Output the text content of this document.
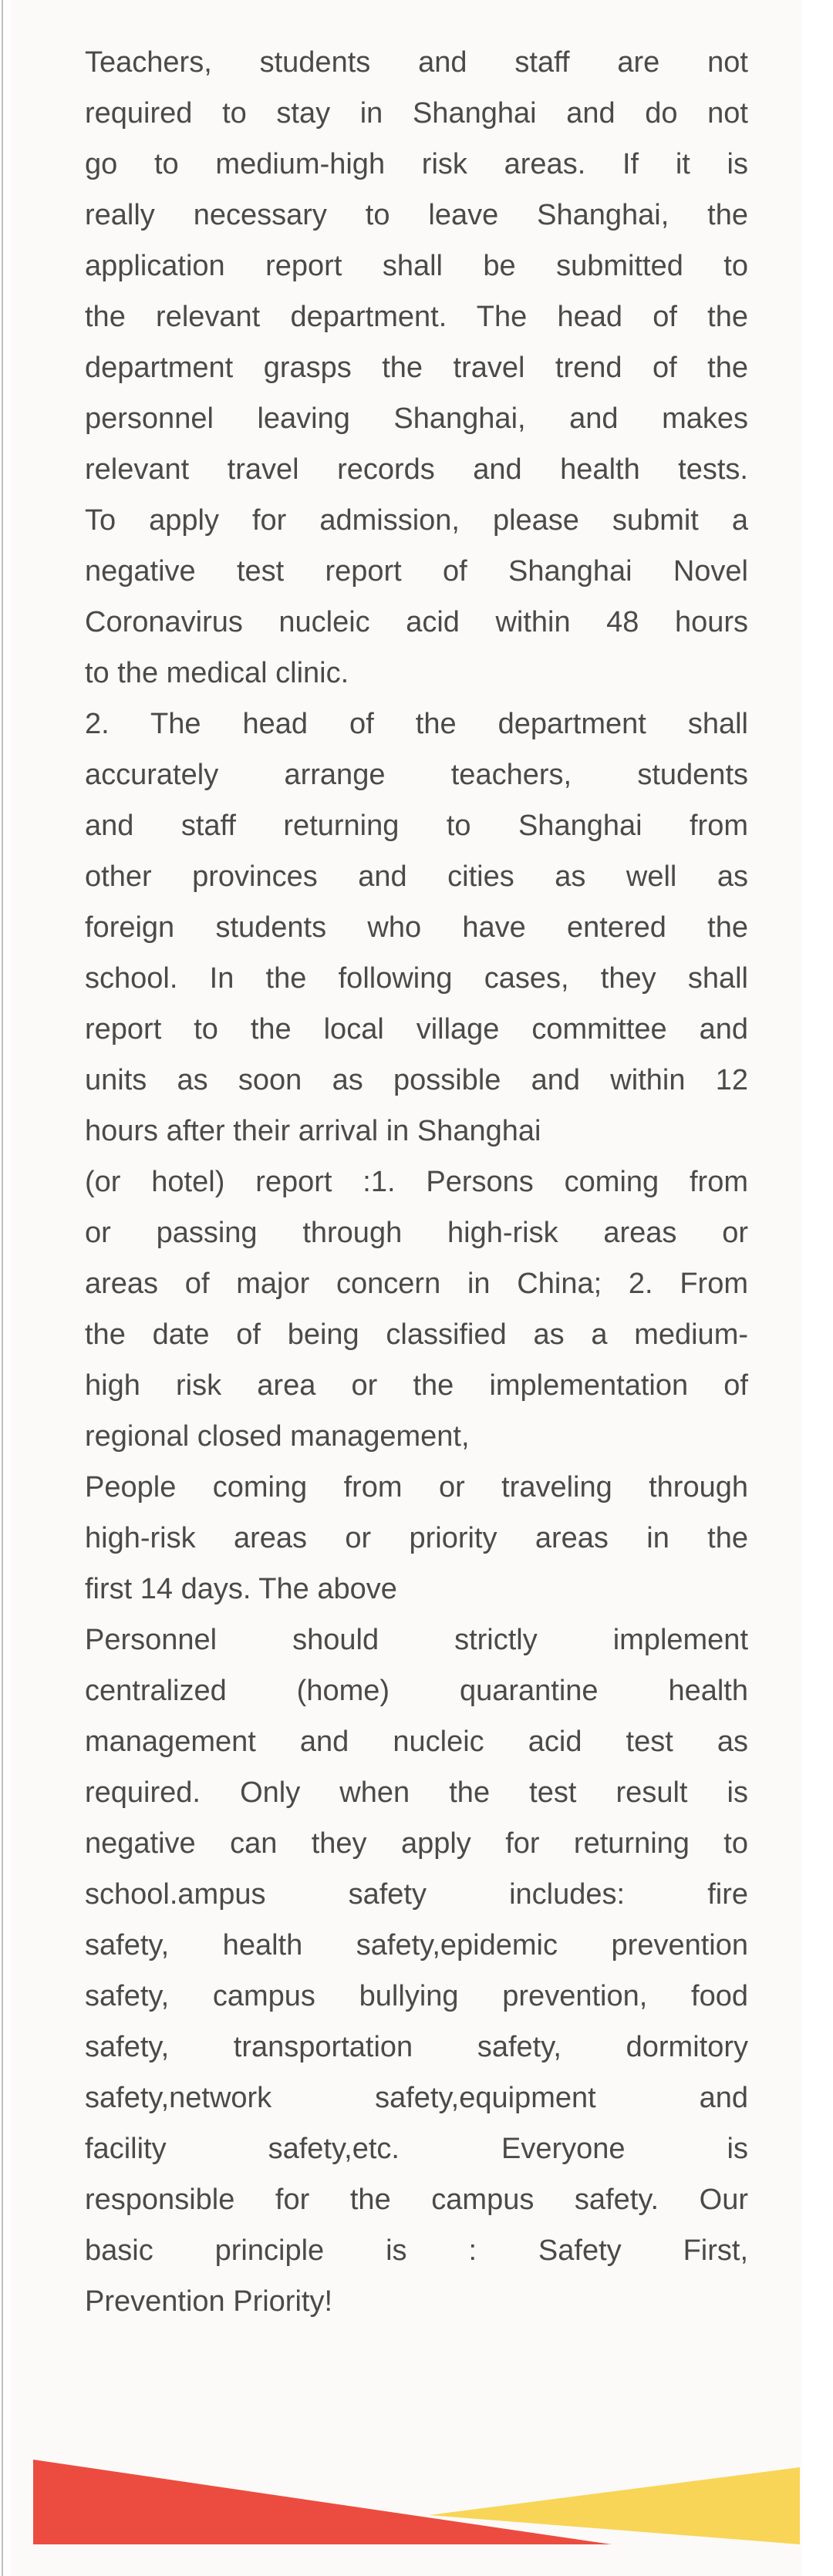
Teachers, students and staff are not
required to stay in Shanghai and do not
go to medium-high risk areas. If it is
really necessary to leave Shanghai, the
application report shall be submitted to
the relevant department. The head of the
department grasps the travel trend of the
personnel leaving Shanghai, and makes
relevant travel records and health tests.
To apply for admission, please submit a
negative test report of Shanghai Novel
Coronavirus nucleic acid within 48 hours
to the medical clinic.
2. The head of the department shall
accurately arrange teachers, students
and staff returning to Shanghai from
other provinces and cities as well as
foreign students who have entered the
school. In the following cases, they shall
report to the local village committee and
units as soon as possible and within 12
hours after their arrival in Shanghai
(or hotel) report :1. Persons coming from
or passing through high-risk areas or
areas of major concern in China; 2. From
the date of being classified as a medium-
high risk area or the implementation of
regional closed management,
People coming from or traveling through
high-risk areas or priority areas in the
first 14 days. The above
Personnel should strictly implement
centralized (home) quarantine health
management and nucleic acid test as
required. Only when the test result is
negative can they apply for returning to
school.ampus safety includes: fire
safety, health safety,epidemic prevention
safety, campus bullying prevention, food
safety, transportation safety, dormitory
safety,network safety,equipment and
facility safety,etc. Everyone is
responsible for the campus safety. Our
basic principle is : Safety First,
Prevention Priority!
